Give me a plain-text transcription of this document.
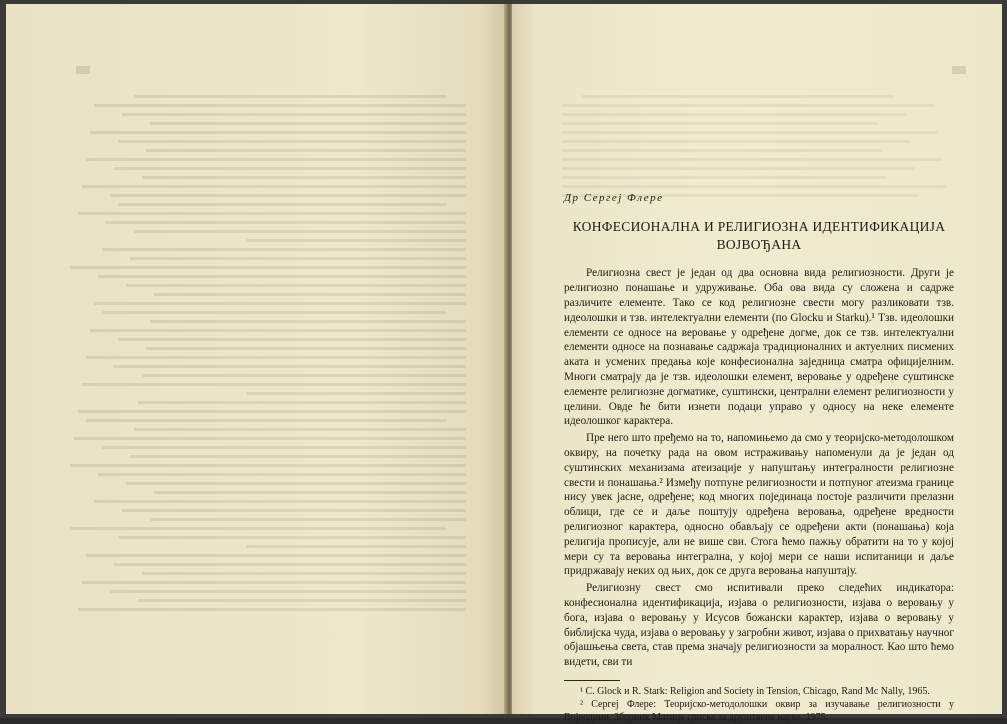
Др Сергеј Флере

КОНФЕСИОНАЛНА И РЕЛИГИОЗНА ИДЕНТИФИКАЦИЈА
ВОЈВОЂАНА

Религиозна свест је један од два основна вида религиозности. Други је религиозно понашање и удруживање. Оба ова вида су сложена и садрже различите елементе. Тако се код религиозне свести могу разликовати тзв. идеолошки и тзв. интелектуални елементи (по Glocku и Starku).¹ Тзв. идеолошки елементи се односе на веровање у одређене догме, док се тзв. интелектуални елементи односе на познавање садржаја традиционалних и актуелних писмених аката и усмених предања које конфесионална заједница сматра официјелним. Многи сматрају да је тзв. идеолошки елемент, веровање у одређене суштинске елементе религиозне догматике, суштински, централни елемент религиозности у целини. Овде ће бити изнети подаци управо у односу на неке елементе идеолошког карактера.

Пре него што пређемо на то, напомињемо да смо у теоријско-методолошком оквиру, на почетку рада на овом истраживању напоменули да је један од суштинских механизама атеизације у напуштању интегралности религиозне свести и понашања.² Између потпуне религиозности и потпуног атеизма границе нису увек јасне, одређене; код многих појединаца постоје различити прелазни облици, где се и даље поштују одређена веровања, одређене вредности религиозног карактера, односно обављају се одређени акти (понашања) која религија прописује, али не више сви. Стога ћемо пажњу обратити на то у којој мери су та веровања интегрална, у којој мери се наши испитаници и даље придржавају неких од њих, док се друга веровања напуштају.

Религиозну свест смо испитивали преко следећих индикатора: конфесионална идентификација, изјава о религиозности, изјава о веровању у бога, изјава о веровању у Исусов божански карактер, изјава о веровању у библијска чуда, изјава о веровању у загробни живот, изјава о прихватању научног објашњења света, став према значају религиозности за моралност. Као што ћемо видети, сви ти

¹ C. Glock и R. Stark: Religion and Society in Tension, Chicago, Rand Mc Nally, 1965.

² Сергеј Флере: Теоријско-методолошки оквир за изучавање религиозности у Војводини, Зборник Матице српске за друштвене науке, 1975.
